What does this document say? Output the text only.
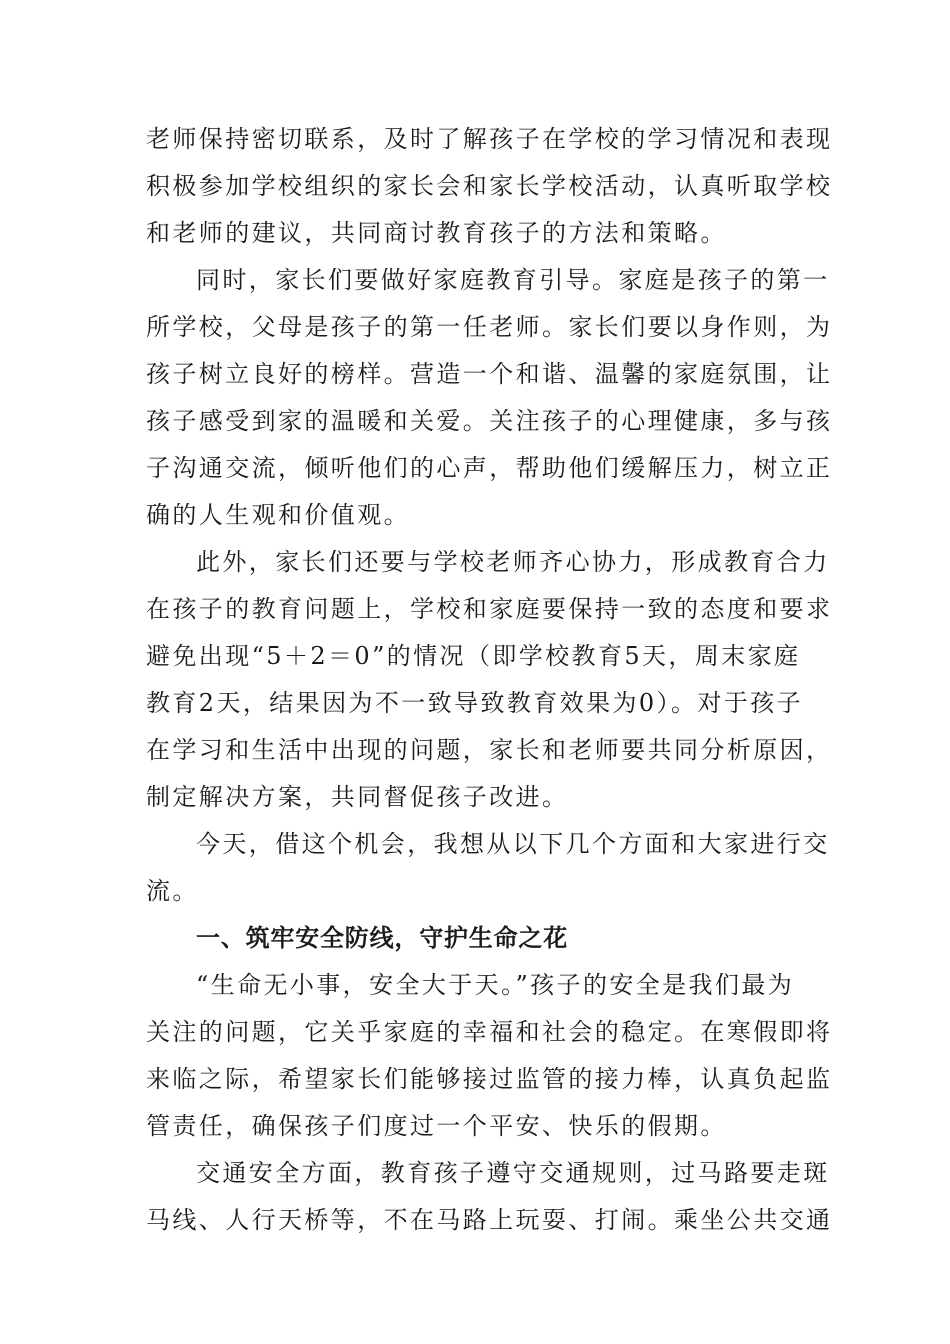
老师保持密切联系，及时了解孩子在学校的学习情况和表现
积极参加学校组织的家长会和家长学校活动，认真听取学校
和老师的建议，共同商讨教育孩子的方法和策略。
同时，家长们要做好家庭教育引导。家庭是孩子的第一
所学校，父母是孩子的第一任老师。家长们要以身作则，为
孩子树立良好的榜样。营造一个和谐、温馨的家庭氛围，让
孩子感受到家的温暖和关爱。关注孩子的心理健康，多与孩
子沟通交流，倾听他们的心声，帮助他们缓解压力，树立正
确的人生观和价值观。
此外，家长们还要与学校老师齐心协力，形成教育合力
在孩子的教育问题上，学校和家庭要保持一致的态度和要求
避免出现“5＋2＝0”的情况（即学校教育5天，周末家庭
教育2天，结果因为不一致导致教育效果为0）。对于孩子
在学习和生活中出现的问题，家长和老师要共同分析原因，
制定解决方案，共同督促孩子改进。
今天，借这个机会，我想从以下几个方面和大家进行交
流。
一、筑牢安全防线，守护生命之花
“生命无小事，安全大于天。”孩子的安全是我们最为
关注的问题，它关乎家庭的幸福和社会的稳定。在寒假即将
来临之际，希望家长们能够接过监管的接力棒，认真负起监
管责任，确保孩子们度过一个平安、快乐的假期。
交通安全方面，教育孩子遵守交通规则，过马路要走斑
马线、人行天桥等，不在马路上玩耍、打闹。乘坐公共交通
